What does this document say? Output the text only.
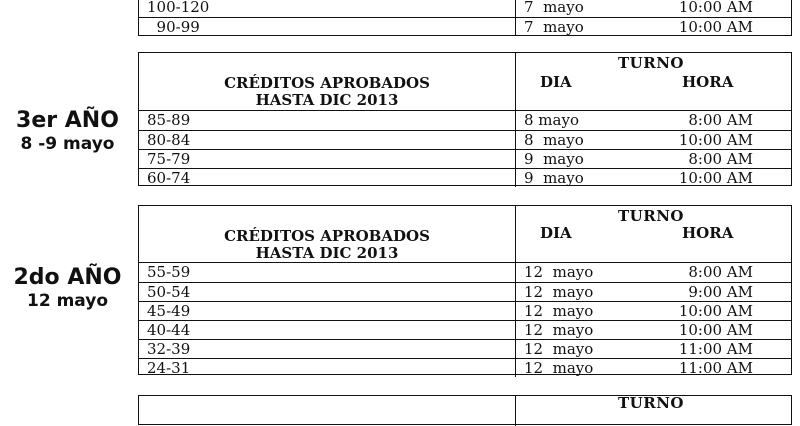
100-120	7  mayo	10:00 AM
90-99	7  mayo	10:00 AM
3er AÑO
8 -9 mayo
CRÉDITOS APROBADOS
HASTA DIC 2013
TURNO
DIA	HORA
85-89	8 mayo	8:00 AM
80-84	8  mayo	10:00 AM
75-79	9  mayo	8:00 AM
60-74	9  mayo	10:00 AM
2do AÑO
12 mayo
CRÉDITOS APROBADOS
HASTA DIC 2013
TURNO
DIA	HORA
55-59	12  mayo	8:00 AM
50-54	12  mayo	9:00 AM
45-49	12  mayo	10:00 AM
40-44	12  mayo	10:00 AM
32-39	12  mayo	11:00 AM
24-31	12  mayo	11:00 AM
TURNO
